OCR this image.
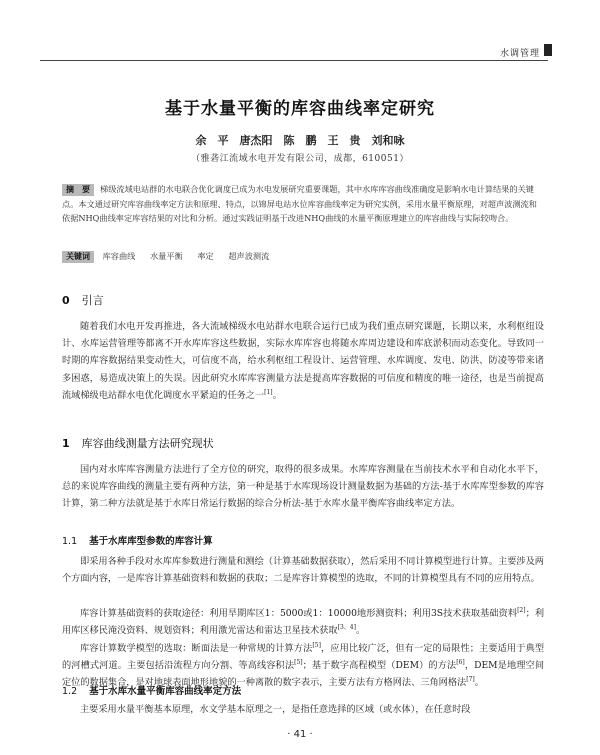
水调管理
基于水量平衡的库容曲线率定研究
余　平　唐杰阳　陈　鹏　王　贵　刘和咏
（雅砻江流域水电开发有限公司，成都，610051）
摘　要 梯级流域电站群的水电联合优化调度已成为水电发展研究重要课题，其中水库库容曲线准确度是影响水电计算结果的关键点。本文通过研究库容曲线率定方法和原理、特点，以锦屏电站水位库容曲线率定为研究实例，采用水量平衡原理，对超声波测流和依据NHQ曲线率定库容结果的对比和分析。通过实践证明基于改进NHQ曲线的水量平衡原理建立的库容曲线与实际较吻合。
关键词 库容曲线 水量平衡 率定 超声波测流
0 引言
随着我们水电开发再推进，各大流域梯级水电站群水电联合运行已成为我们重点研究课题，长期以来，水利枢纽设计、水库运营管理等都离不开水库库容这些数据，实际水库库容也将随水库周边建设和库底淤积而动态变化。导致同一时期的库容数据结果变动性大，可信度不高，给水利枢纽工程设计、运营管理、水库调度、发电、防洪、防凌等带来诸多困惑，易造成决策上的失误。因此研究水库库容测量方法是提高库容数据的可信度和精度的唯一途径，也是当前提高流域梯级电站群水电优化调度水平紧迫的任务之一[1]。
1 库容曲线测量方法研究现状
国内对水库库容测量方法进行了全方位的研究，取得的很多成果。水库库容测量在当前技术水平和自动化水平下，总的来说库容曲线的测量主要有两种方法，第一种是基于水库现场设计测量数据为基础的方法-基于水库库型参数的库容计算，第二种方法就是基于水库日常运行数据的综合分析法-基于水库水量平衡库容曲线率定方法。
1.1 基于水库库型参数的库容计算
即采用各种手段对水库库参数进行测量和测绘（计算基础数据获取），然后采用不同计算模型进行计算。主要涉及两个方面内容，一是库容计算基础资料和数据的获取；二是库容计算模型的选取，不同的计算模型具有不同的应用特点。
库容计算基础资料的获取途径：利用旱期库区1：5000或1：10000地形测资料；利用3S技术获取基础资料[2]；利用库区移民淹没资料、规划资料；利用激光雷达和雷达卫星技术获取[3、4]。
库容计算数学模型的选取：断面法是一种常规的计算方法[5]，应用比较广泛，但有一定的局限性；主要适用于典型的河槽式河道。主要包括沿流程方向分割、等高线容积法[5]；基于数字高程模型（DEM）的方法[6]，DEM是地理空间定位的数据集合，是对地球表面地形地貌的一种离散的数字表示，主要方法有方格网法、三角网格法[7]。
1.2 基于水库水量平衡库容曲线率定方法
主要采用水量平衡基本原理，水文学基本原理之一，是指任意选择的区域（或水体），在任意时段
· 41 ·
